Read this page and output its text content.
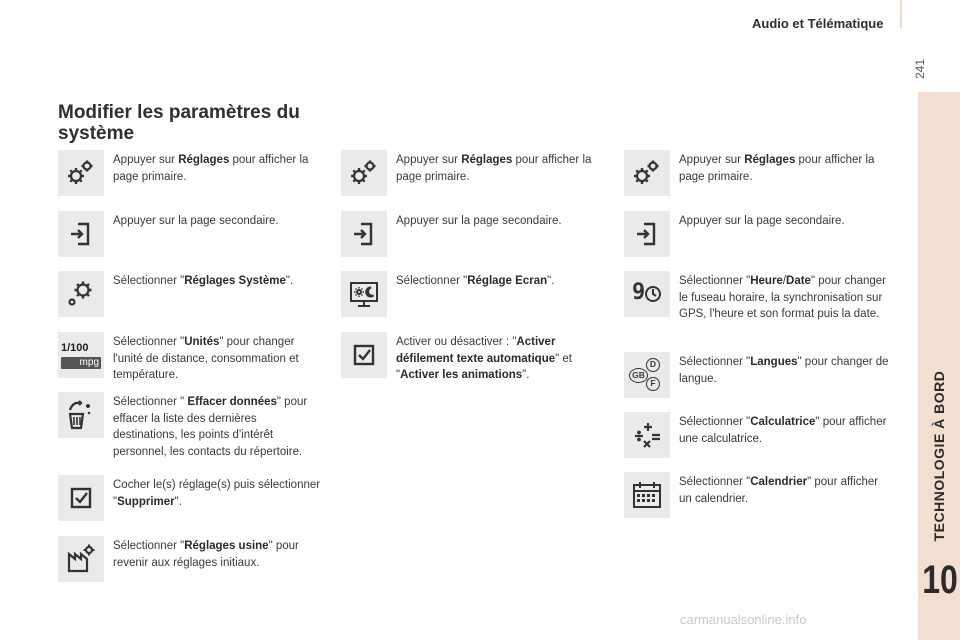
Audio et Télématique
241
TECHNOLOGIE À BORD
10
Modifier les paramètres du système
Appuyer sur Réglages pour afficher la page primaire.
Appuyer sur la page secondaire.
Sélectionner "Réglages Système".
1/100
mpg
Sélectionner "Unités" pour changer l'unité de distance, consommation et température.
Sélectionner " Effacer données" pour effacer la liste des dernières destinations, les points d'intérêt personnel, les contacts du répertoire.
Cocher le(s) réglage(s) puis sélectionner "Supprimer".
Sélectionner "Réglages usine" pour revenir aux réglages initiaux.
Appuyer sur Réglages pour afficher la page primaire.
Appuyer sur la page secondaire.
Sélectionner "Réglage Ecran".
Activer ou désactiver : "Activer défilement texte automatique" et "Activer les animations".
Appuyer sur Réglages pour afficher la page primaire.
Appuyer sur la page secondaire.
9	Sélectionner "Heure/Date" pour changer le fuseau horaire, la synchronisation sur GPS, l'heure et son format puis la date.
D
GB
F
Sélectionner "Langues" pour changer de langue.
Sélectionner "Calculatrice" pour afficher une calculatrice.
Sélectionner "Calendrier" pour afficher un calendrier.
carmanualsonline.info
